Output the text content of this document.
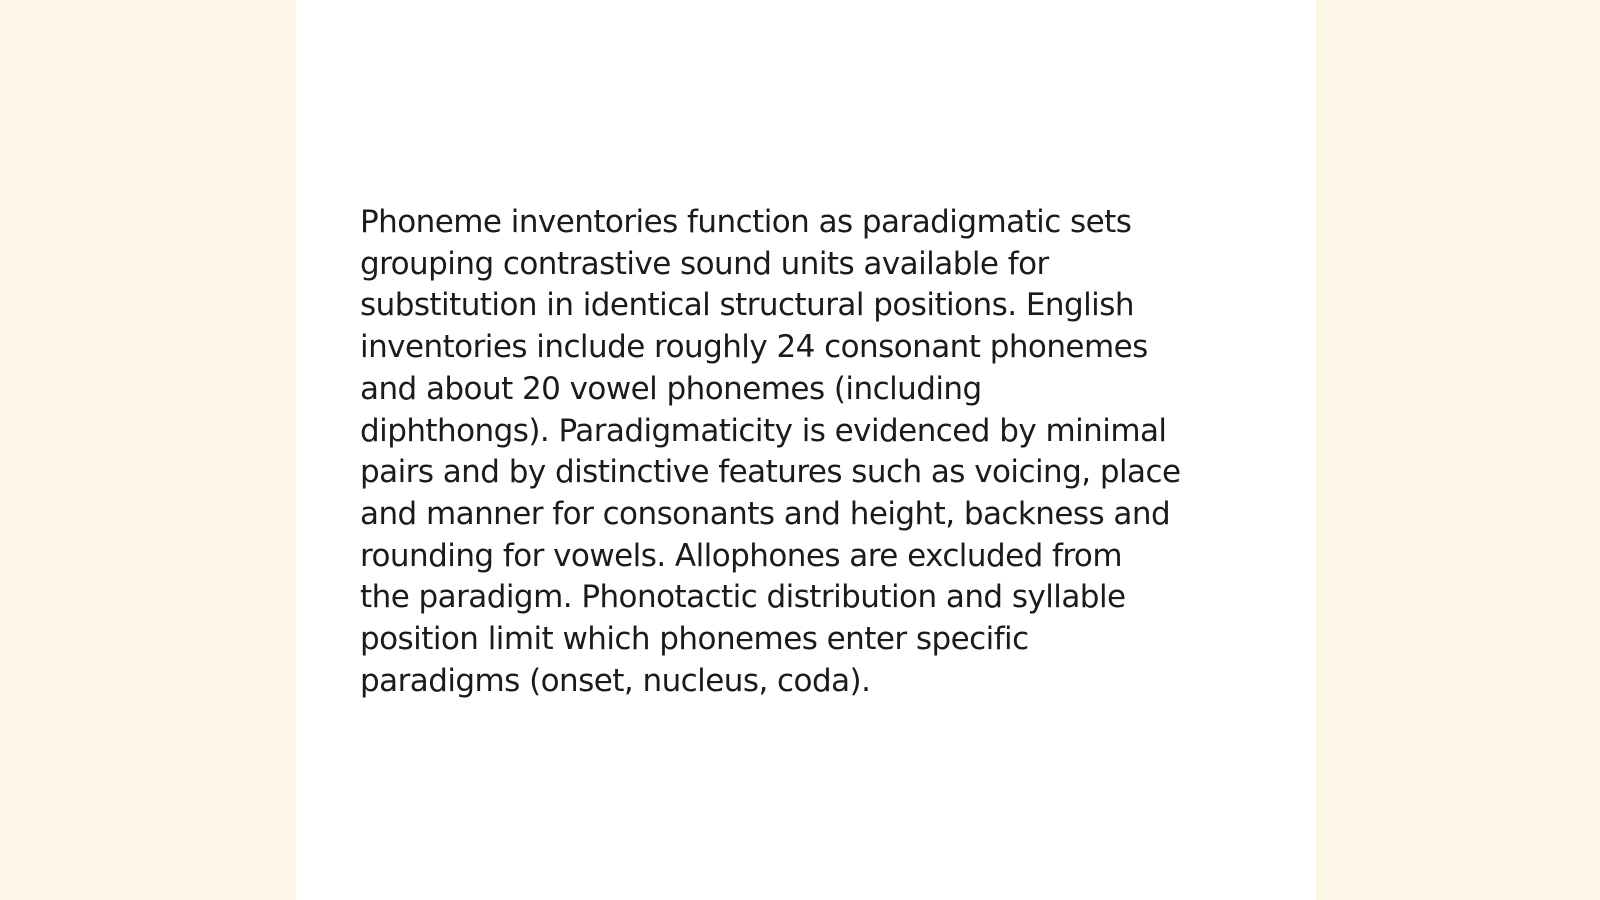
Phoneme inventories function as paradigmatic sets
grouping contrastive sound units available for
substitution in identical structural positions. English
inventories include roughly 24 consonant phonemes
and about 20 vowel phonemes (including
diphthongs). Paradigmaticity is evidenced by minimal
pairs and by distinctive features such as voicing, place
and manner for consonants and height, backness and
rounding for vowels. Allophones are excluded from
the paradigm. Phonotactic distribution and syllable
position limit which phonemes enter specific
paradigms (onset, nucleus, coda).
